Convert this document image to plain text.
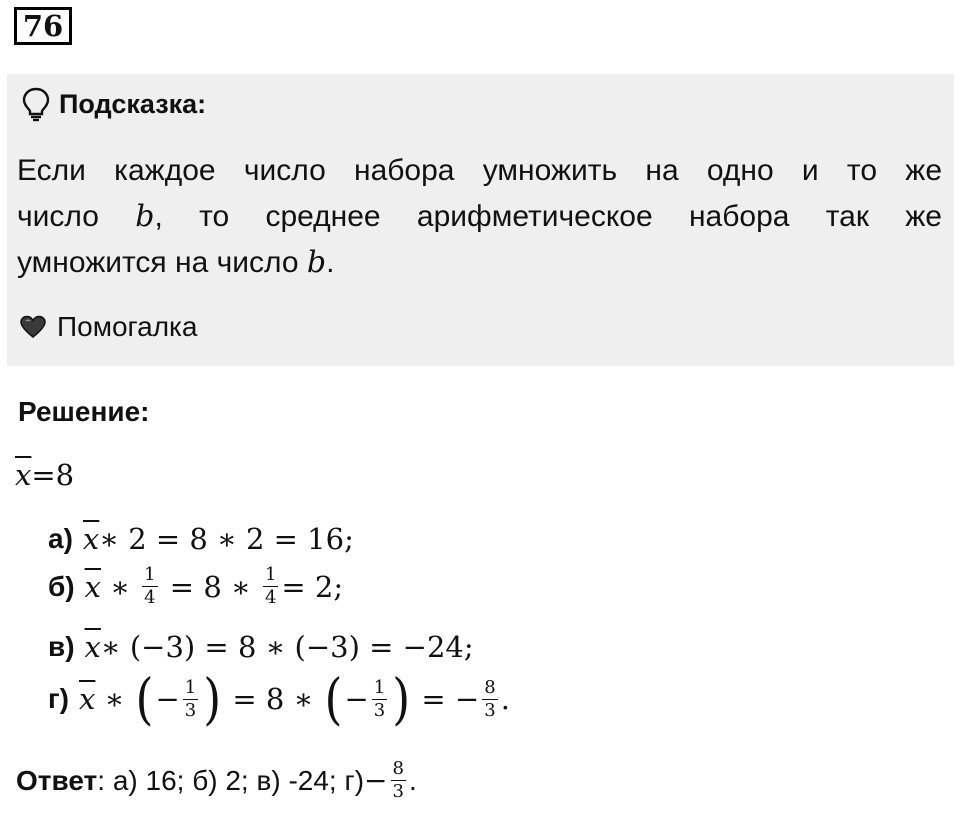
76
Подсказка:
Если каждое число набора умножить на одно и то же
число b, то среднее арифметическое набора так же
умножится на число b.
Помогалка
Решение:
$\overline{x}=8$
а) $\overline{x}$ ∗ 2 = 8 ∗ 2 = 16;
б) $\overline{x}$ ∗ $\frac{1}{4} = 8$ ∗ $\frac{1}{4} = 2$;
в) $\overline{x}$ ∗ (−3) = 8 ∗ (−3) = −24;
г) $\overline{x}$ ∗ ( − $\frac{1}{3}$ ) = 8 ∗ ( − $\frac{1}{3}$ ) = − $\frac{8}{3}$ .
Ответ : а) 16; б) 2; в) -24; $г) - \frac{8}{3}$ .
